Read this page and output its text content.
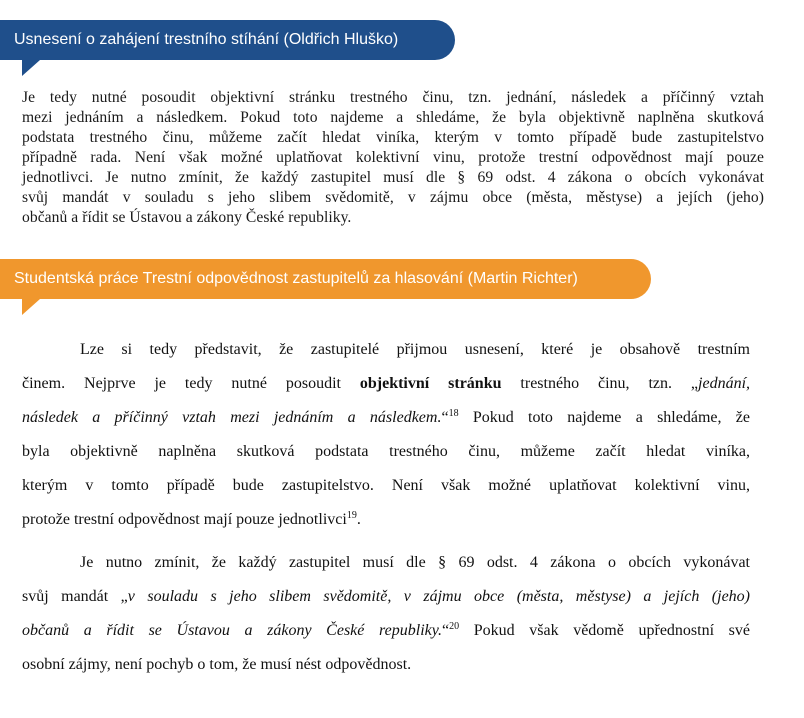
Usnesení o zahájení trestního stíhání (Oldřich Hluško)
Je tedy nutné posoudit objektivní stránku trestného činu, tzn. jednání, následek a příčinný vztah
mezi jednáním a následkem. Pokud toto najdeme a shledáme, že byla objektivně naplněna skutková
podstata trestného činu, můžeme začít hledat viníka, kterým v tomto případě bude zastupitelstvo
případně rada. Není však možné uplatňovat kolektivní vinu, protože trestní odpovědnost mají pouze
jednotlivci. Je nutno zmínit, že každý zastupitel musí dle § 69 odst. 4 zákona o obcích vykonávat
svůj mandát v souladu s jeho slibem svědomitě, v zájmu obce (města, městyse) a jejích (jeho)
občanů a řídit se Ústavou a zákony České republiky.
Studentská práce Trestní odpovědnost zastupitelů za hlasování (Martin Richter)
Lze si tedy představit, že zastupitelé přijmou usnesení, které je obsahově trestním
činem. Nejprve je tedy nutné posoudit objektivní stránku trestného činu, tzn. „jednání,
následek a příčinný vztah mezi jednáním a následkem.“$^{18}$ Pokud toto najdeme a shledáme, že
byla objektivně naplněna skutková podstata trestného činu, můžeme začít hledat viníka,
kterým v tomto případě bude zastupitelstvo. Není však možné uplatňovat kolektivní vinu,
protože trestní odpovědnost mají pouze jednotlivci$^{19}$.
Je nutno zmínit, že každý zastupitel musí dle § 69 odst. 4 zákona o obcích vykonávat
svůj mandát „v souladu s jeho slibem svědomitě, v zájmu obce (města, městyse) a jejích (jeho)
občanů a řídit se Ústavou a zákony České republiky.“$^{20}$ Pokud však vědomě upřednostní své
osobní zájmy, není pochyb o tom, že musí nést odpovědnost.
